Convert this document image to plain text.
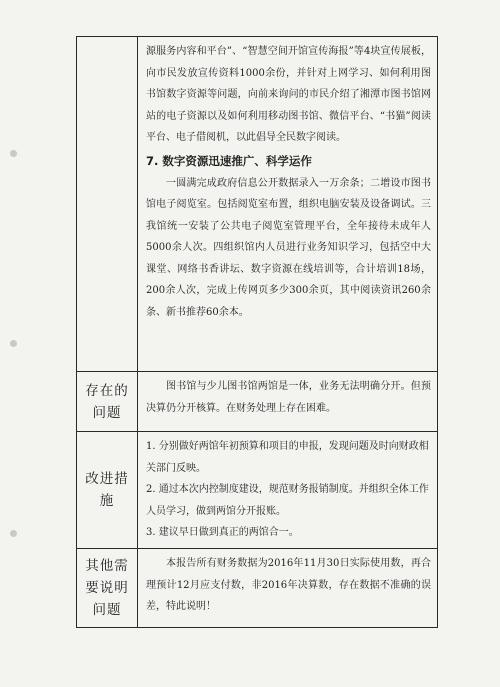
	源服务内容和平台”、“智慧空间开馆宣传海报”等4块宣传展板，向市民发放宣传资料1000余份，并针对上网学习、如何利用图书馆数字资源等问题，向前来询问的市民介绍了湘潭市图书馆网站的电子资源以及如何利用移动图书馆、微信平台、“书猫”阅读平台、电子借阅机，以此倡导全民数字阅读。

7. 数字资源迅速推广、科学运作

一圆满完成政府信息公开数据录入一万余条；二增设市图书馆电子阅览室。包括阅览室布置，组织电脑安装及设备调试。三我馆统一安装了公共电子阅览室管理平台，全年接待未成年人5000余人次。四组织馆内人员进行业务知识学习，包括空中大课堂、网络书香讲坛、数字资源在线培训等，合计培训18场，200余人次，完成上传网页多少300余页，其中阅读资讯260余条、新书推荐60余本。

存在的问题	图书馆与少儿图书馆两馆是一体，业务无法明确分开。但预决算仍分开核算。在财务处理上存在困难。

改进措施	1. 分别做好两馆年初预算和项目的申报，发现问题及时向财政相关部门反映。

2. 通过本次内控制度建设，规范财务报销制度。并组织全体工作人员学习，做到两馆分开报账。

3. 建议早日做到真正的两馆合一。

其他需要说明问题	本报告所有财务数据为2016年11月30日实际使用数，再合理预计12月应支付数，非2016年决算数，存在数据不准确的误差，特此说明！
